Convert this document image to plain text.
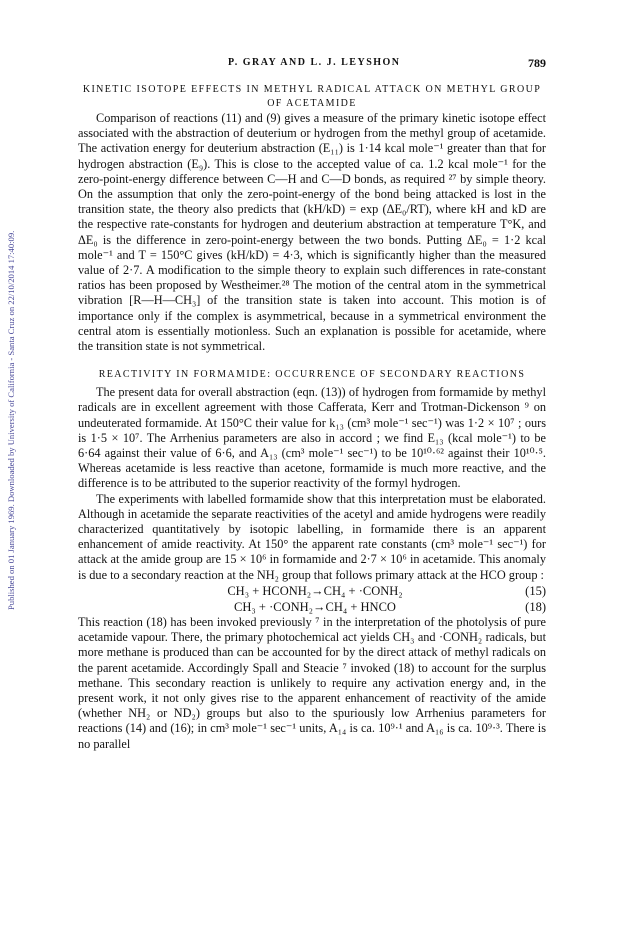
Published on 01 January 1969. Downloaded by University of California - Santa Cruz on 22/10/2014 17:40:09.
P. GRAY AND L. J. LEYSHON	789
KINETIC ISOTOPE EFFECTS IN METHYL RADICAL ATTACK ON METHYL GROUP OF ACETAMIDE

Comparison of reactions (11) and (9) gives a measure of the primary kinetic isotope effect associated with the abstraction of deuterium or hydrogen from the methyl group of acetamide. The activation energy for deuterium abstraction (E₁₁) is 1·14 kcal mole⁻¹ greater than that for hydrogen abstraction (E₉). This is close to the accepted value of ca. 1.2 kcal mole⁻¹ for the zero-point-energy difference between C—H and C—D bonds, as required ²⁷ by simple theory. On the assumption that only the zero-point-energy of the bond being attacked is lost in the transition state, the theory also predicts that (kH/kD) = exp (ΔE₀/RT), where kH and kD are the respective rate-constants for hydrogen and deuterium abstraction at temperature T°K, and ΔE₀ is the difference in zero-point-energy between the two bonds. Putting ΔE₀ = 1·2 kcal mole⁻¹ and T = 150°C gives (kH/kD) = 4·3, which is significantly higher than the measured value of 2·7. A modification to the simple theory to explain such differences in rate-constant ratios has been proposed by Westheimer.²⁸ The motion of the central atom in the symmetrical vibration [R—H—CH₃] of the transition state is taken into account. This motion is of importance only if the complex is asymmetrical, because in a symmetrical environment the central atom is essentially motionless. Such an explanation is possible for acetamide, where the transition state is not symmetrical.

REACTIVITY IN FORMAMIDE: OCCURRENCE OF SECONDARY REACTIONS

The present data for overall abstraction (eqn. (13)) of hydrogen from formamide by methyl radicals are in excellent agreement with those Cafferata, Kerr and Trotman-Dickenson ⁹ on undeuterated formamide. At 150°C their value for k₁₃ (cm³ mole⁻¹ sec⁻¹) was 1·2 × 10⁷ ; ours is 1·5 × 10⁷. The Arrhenius parameters are also in accord ; we find E₁₃ (kcal mole⁻¹) to be 6·64 against their value of 6·6, and A₁₃ (cm³ mole⁻¹ sec⁻¹) to be 10¹⁰·⁶² against their 10¹⁰·⁵. Whereas acetamide is less reactive than acetone, formamide is much more reactive, and the difference is to be attributed to the superior reactivity of the formyl hydrogen.

The experiments with labelled formamide show that this interpretation must be elaborated. Although in acetamide the separate reactivities of the acetyl and amide hydrogens were readily characterized quantitatively by isotopic labelling, in formamide there is an apparent enhancement of amide reactivity. At 150° the apparent rate constants (cm³ mole⁻¹ sec⁻¹) for attack at the amide group are 15 × 10⁶ in formamide and 2·7 × 10⁶ in acetamide. This anomaly is due to a secondary reaction at the NH₂ group that follows primary attack at the HCO group :

CH₃ + HCONH₂→CH₄ + ·CONH₂	(15)
CH₃ + ·CONH₂→CH₄ + HNCO	(18)

This reaction (18) has been invoked previously ⁷ in the interpretation of the photolysis of pure acetamide vapour. There, the primary photochemical act yields CH₃ and ·CONH₂ radicals, but more methane is produced than can be accounted for by the direct attack of methyl radicals on the parent acetamide. Accordingly Spall and Steacie ⁷ invoked (18) to account for the surplus methane. This secondary reaction is unlikely to require any activation energy and, in the present work, it not only gives rise to the apparent enhancement of reactivity of the amide (whether NH₂ or ND₂) groups but also to the spuriously low Arrhenius parameters for reactions (14) and (16); in cm³ mole⁻¹ sec⁻¹ units, A₁₄ is ca. 10⁹·¹ and A₁₆ is ca. 10⁹·³. There is no parallel
